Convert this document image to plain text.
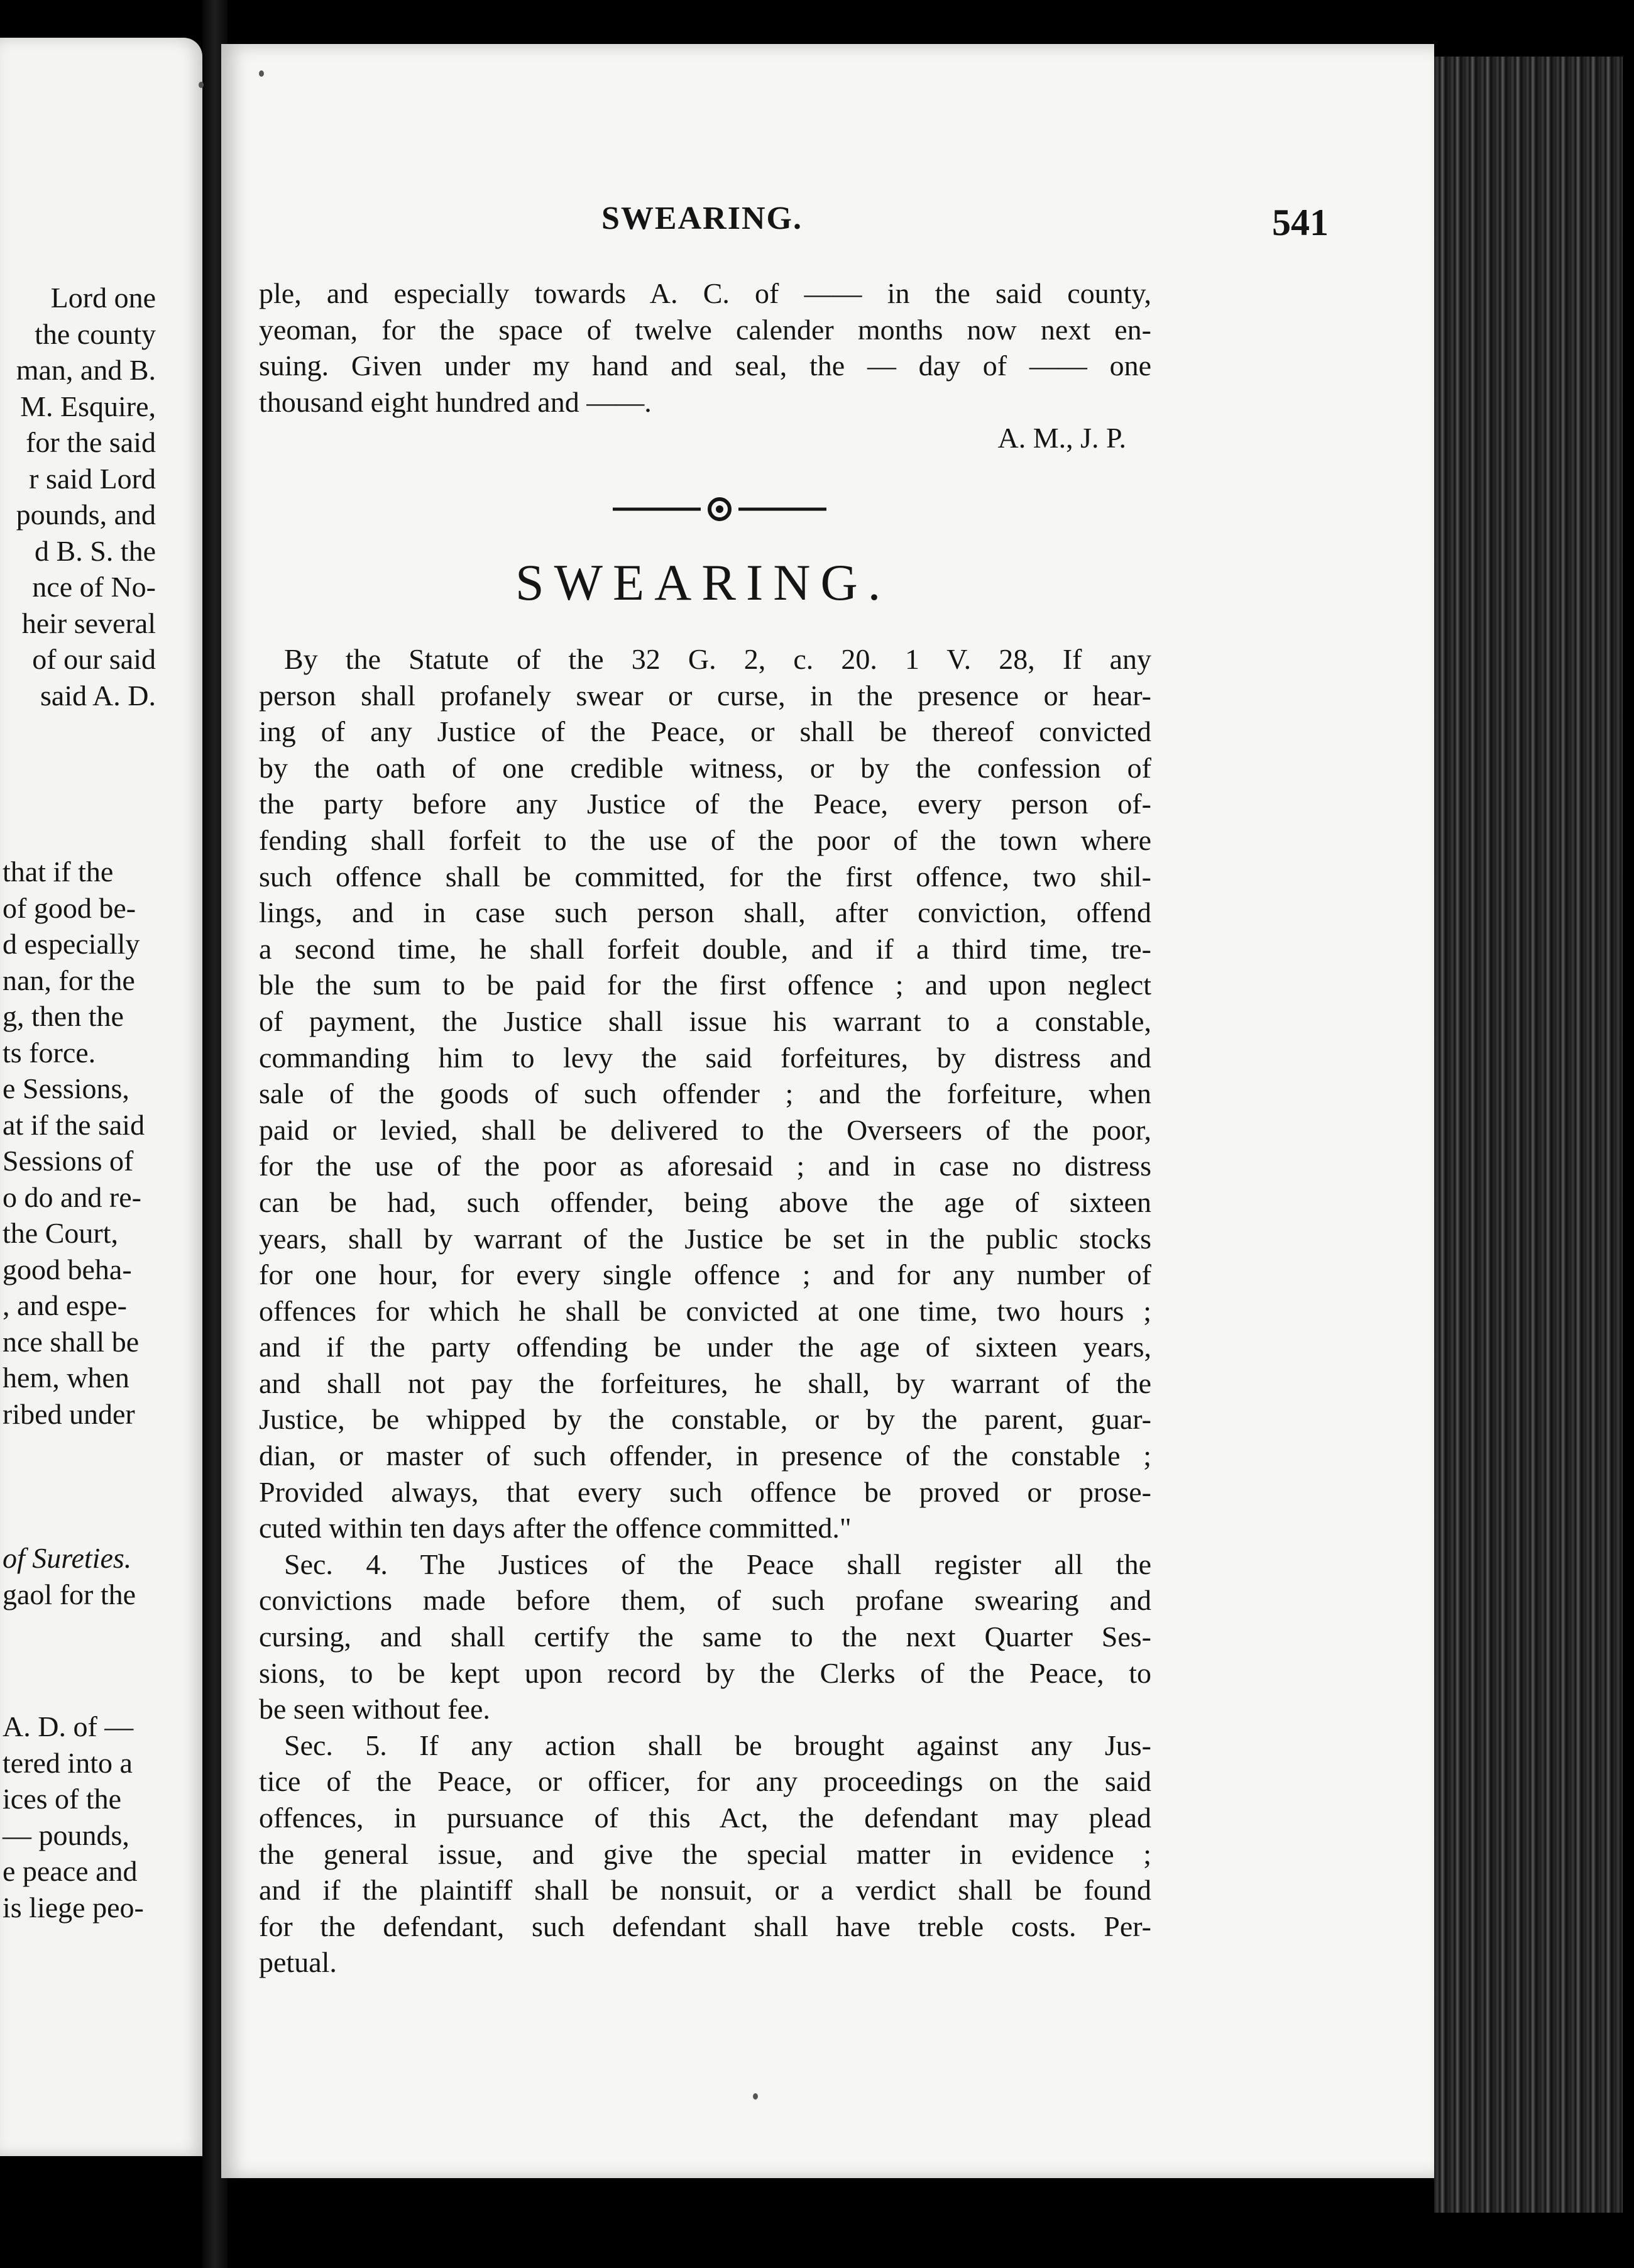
Lord one
the county
man, and B.
M. Esquire,
for the said
r said Lord
pounds, and
d B. S. the
nce of No-
heir several
of our said
said A. D.
that if the
of good be-
d especially
nan, for the
g, then the
ts force.
e Sessions,
at if the said
Sessions of
o do and re-
the Court,
good beha-
, and espe-
nce shall be
hem, when
ribed under
of Sureties.
gaol for the
A. D. of —
tered into a
ices of the
— pounds,
e peace and
is liege peo-
SWEARING.	541
ple, and especially towards A. C. of —— in the said county,
yeoman, for the space of twelve calender months now next en-
suing. Given under my hand and seal, the — day of —— one
thousand eight hundred and ——.
A. M., J. P.
SWEARING.
By the Statute of the 32 G. 2, c. 20. 1 V. 28, If any
person shall profanely swear or curse, in the presence or hear-
ing of any Justice of the Peace, or shall be thereof convicted
by the oath of one credible witness, or by the confession of
the party before any Justice of the Peace, every person of-
fending shall forfeit to the use of the poor of the town where
such offence shall be committed, for the first offence, two shil-
lings, and in case such person shall, after conviction, offend
a second time, he shall forfeit double, and if a third time, tre-
ble the sum to be paid for the first offence ; and upon neglect
of payment, the Justice shall issue his warrant to a constable,
commanding him to levy the said forfeitures, by distress and
sale of the goods of such offender ; and the forfeiture, when
paid or levied, shall be delivered to the Overseers of the poor,
for the use of the poor as aforesaid ; and in case no distress
can be had, such offender, being above the age of sixteen
years, shall by warrant of the Justice be set in the public stocks
for one hour, for every single offence ; and for any number of
offences for which he shall be convicted at one time, two hours ;
and if the party offending be under the age of sixteen years,
and shall not pay the forfeitures, he shall, by warrant of the
Justice, be whipped by the constable, or by the parent, guar-
dian, or master of such offender, in presence of the constable ;
Provided always, that every such offence be proved or prose-
cuted within ten days after the offence committed."
Sec. 4. The Justices of the Peace shall register all the
convictions made before them, of such profane swearing and
cursing, and shall certify the same to the next Quarter Ses-
sions, to be kept upon record by the Clerks of the Peace, to
be seen without fee.
Sec. 5. If any action shall be brought against any Jus-
tice of the Peace, or officer, for any proceedings on the said
offences, in pursuance of this Act, the defendant may plead
the general issue, and give the special matter in evidence ;
and if the plaintiff shall be nonsuit, or a verdict shall be found
for the defendant, such defendant shall have treble costs. Per-
petual.
